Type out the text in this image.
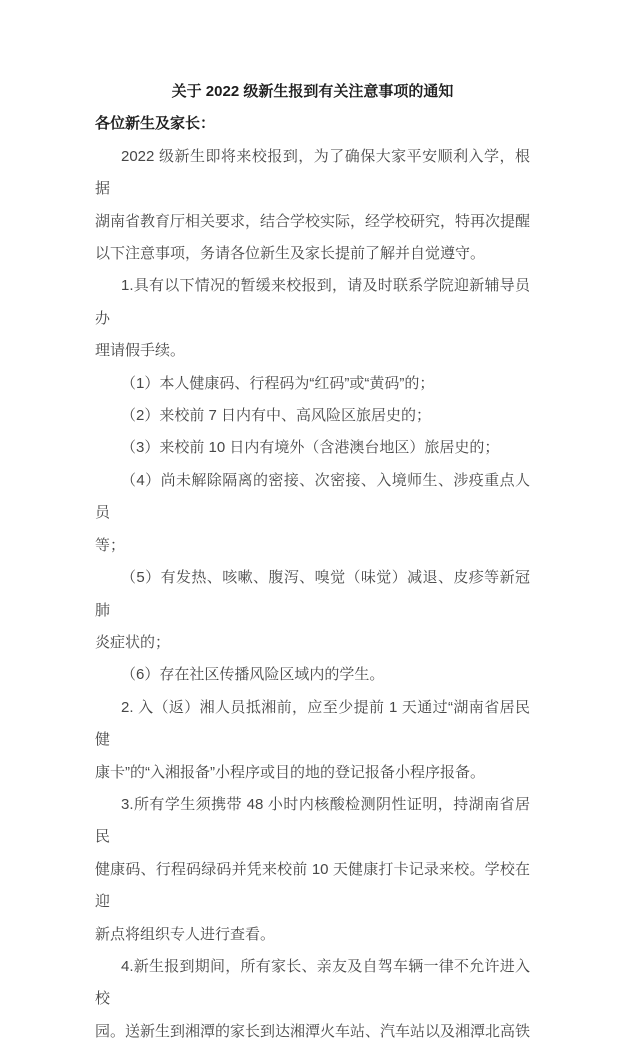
关于 2022 级新生报到有关注意事项的通知
各位新生及家长：
2022 级新生即将来校报到，为了确保大家平安顺利入学，根据
湖南省教育厅相关要求，结合学校实际，经学校研究，特再次提醒
以下注意事项，务请各位新生及家长提前了解并自觉遵守。
1.具有以下情况的暂缓来校报到，请及时联系学院迎新辅导员办
理请假手续。
（1）本人健康码、行程码为“红码”或“黄码”的；
（2）来校前 7 日内有中、高风险区旅居史的；
（3）来校前 10 日内有境外（含港澳台地区）旅居史的；
（4）尚未解除隔离的密接、次密接、入境师生、涉疫重点人员
等；
（5）有发热、咳嗽、腹泻、嗅觉（味觉）减退、皮疹等新冠肺
炎症状的；
（6）存在社区传播风险区域内的学生。
2. 入（返）湘人员抵湘前，应至少提前 1 天通过“湖南省居民健
康卡”的“入湘报备”小程序或目的地的登记报备小程序报备。
3.所有学生须携带 48 小时内核酸检测阴性证明，持湖南省居民
健康码、行程码绿码并凭来校前 10 天健康打卡记录来校。学校在迎
新点将组织专人进行查看。
4.新生报到期间，所有家长、亲友及自驾车辆一律不允许进入校
园。送新生到湘潭的家长到达湘潭火车站、汽车站以及湘潭北高铁
